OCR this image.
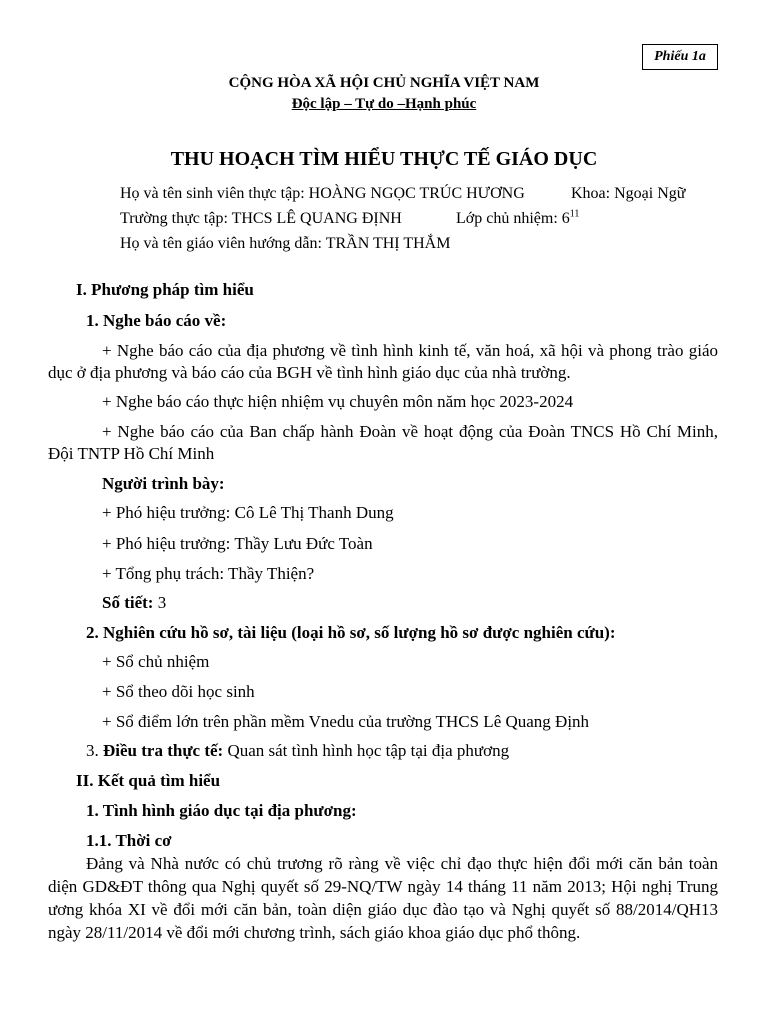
Phiếu 1a
CỘNG HÒA XÃ HỘI CHỦ NGHĨA VIỆT NAM
Độc lập – Tự do –Hạnh phúc
THU HOẠCH TÌM HIỂU THỰC TẾ GIÁO DỤC
Họ và tên sinh viên thực tập: HOÀNG NGỌC TRÚC HƯƠNG	Khoa: Ngoại Ngữ
Trường thực tập: THCS LÊ QUANG ĐỊNH	Lớp chủ nhiệm: $6^{11}$
Họ và tên giáo viên hướng dẫn: TRẦN THỊ THẮM
I. Phương pháp tìm hiểu
1. Nghe báo cáo về:
+ Nghe báo cáo của địa phương về tình hình kinh tế, văn hoá, xã hội và phong trào giáo dục ở địa phương và báo cáo của BGH về tình hình giáo dục của nhà trường.
+ Nghe báo cáo thực hiện nhiệm vụ chuyên môn năm học 2023-2024
+ Nghe báo cáo của Ban chấp hành Đoàn về hoạt động của Đoàn TNCS Hồ Chí Minh, Đội TNTP Hồ Chí Minh
Người trình bày:
+ Phó hiệu trưởng: Cô Lê Thị Thanh Dung
+ Phó hiệu trưởng: Thầy Lưu Đức Toàn
+ Tổng phụ trách: Thầy Thiện?
Số tiết: 3
2. Nghiên cứu hồ sơ, tài liệu (loại hồ sơ, số lượng hồ sơ được nghiên cứu):
+ Sổ chủ nhiệm
+ Sổ theo dõi học sinh
+ Sổ điểm lớn trên phần mềm Vnedu của trường THCS Lê Quang Định
3. Điều tra thực tế: Quan sát tình hình học tập tại địa phương
II. Kết quả tìm hiểu
1. Tình hình giáo dục tại địa phương:
1.1. Thời cơ
Đảng và Nhà nước có chủ trương rõ ràng về việc chỉ đạo thực hiện đổi mới căn bản toàn diện GD&ĐT thông qua Nghị quyết số 29-NQ/TW ngày 14 tháng 11 năm 2013; Hội nghị Trung ương khóa XI về đổi mới căn bản, toàn diện giáo dục đào tạo và Nghị quyết số 88/2014/QH13 ngày 28/11/2014 về đổi mới chương trình, sách giáo khoa giáo dục phổ thông.
